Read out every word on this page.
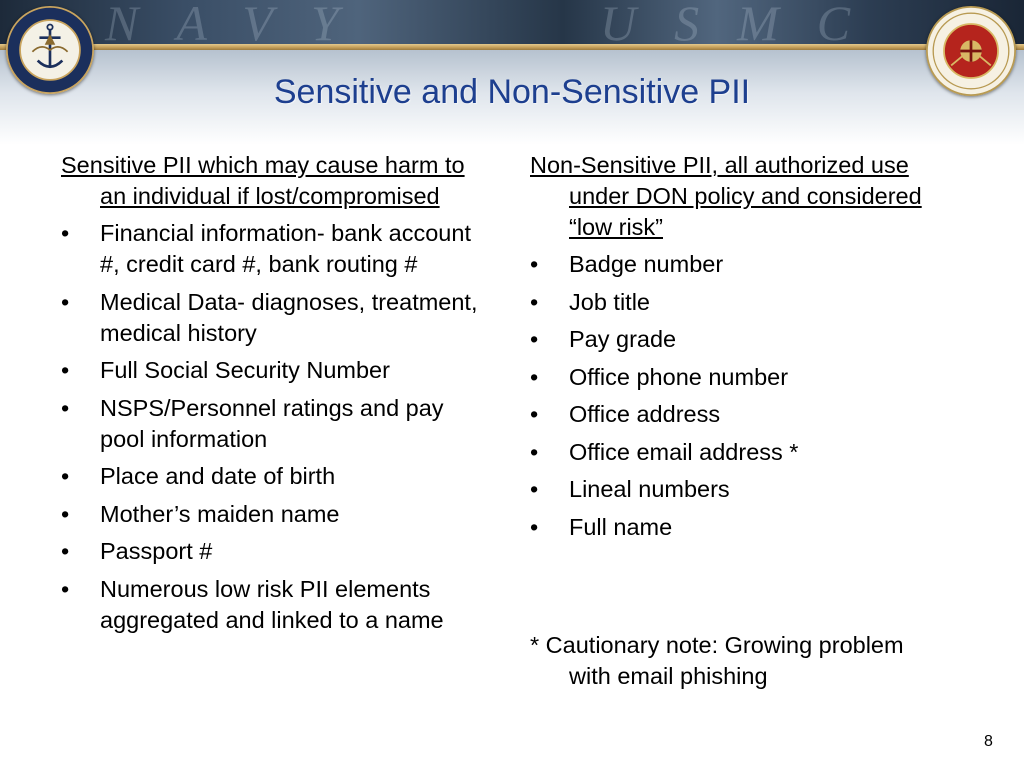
NAVY	USMC
Sensitive and Non-Sensitive PII
Sensitive PII which may cause harm to an individual if lost/compromised
•	Financial information- bank account #, credit card #, bank routing #
•	Medical Data- diagnoses, treatment, medical history
•	Full Social Security Number
•	NSPS/Personnel ratings and pay pool information
•	Place and date of birth
•	Mother’s maiden name
•	Passport #
•	Numerous low risk PII elements aggregated and linked to a name
Non-Sensitive PII, all authorized use under DON policy and considered “low risk”
•	Badge number
•	Job title
•	Pay grade
•	Office phone number
•	Office address
•	Office email address *
•	Lineal numbers
•	Full name
* Cautionary note: Growing problem with email phishing
8
